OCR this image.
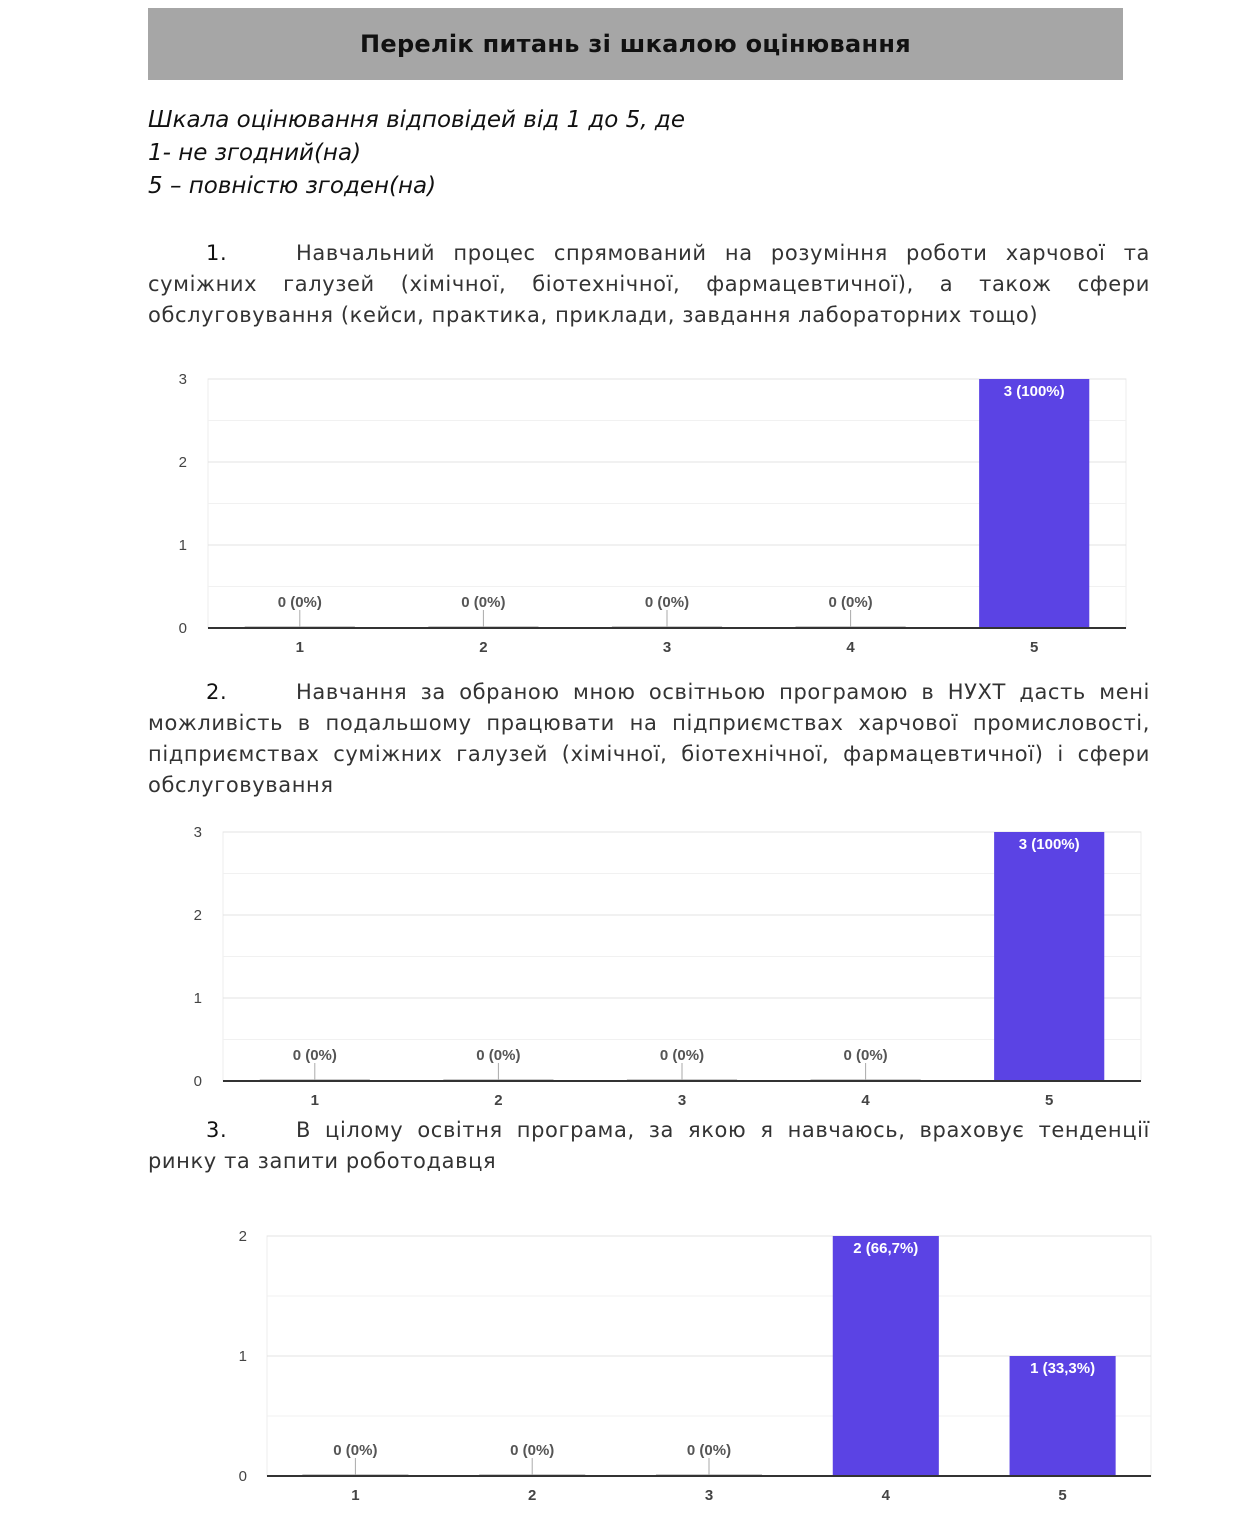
Перелік питань зі шкалою оцінювання
Шкала оцінювання відповідей від 1 до 5, де
1- не згодний(на)
5 – повністю згоден(на)
1.	Навчальний процес спрямований на розуміння роботи харчової та суміжних галузей (хімічної, біотехнічної, фармацевтичної), а також сфери обслуговування (кейси, практика, приклади, завдання лабораторних тощо)
0
1
2
3
0 (0%)
1
0 (0%)
2
0 (0%)
3
0 (0%)
4
3 (100%)
5
2.	Навчання за обраною мною освітньою програмою в НУХТ дасть мені можливість в подальшому працювати на підприємствах харчової промисловості, підприємствах суміжних галузей (хімічної, біотехнічної, фармацевтичної) і сфери обслуговування
0
1
2
3
0 (0%)
1
0 (0%)
2
0 (0%)
3
0 (0%)
4
3 (100%)
5
3.	В цілому освітня програма, за якою я навчаюсь, враховує тенденції ринку та запити роботодавця
0
1
2
0 (0%)
1
0 (0%)
2
0 (0%)
3
2 (66,7%)
4
1 (33,3%)
5
